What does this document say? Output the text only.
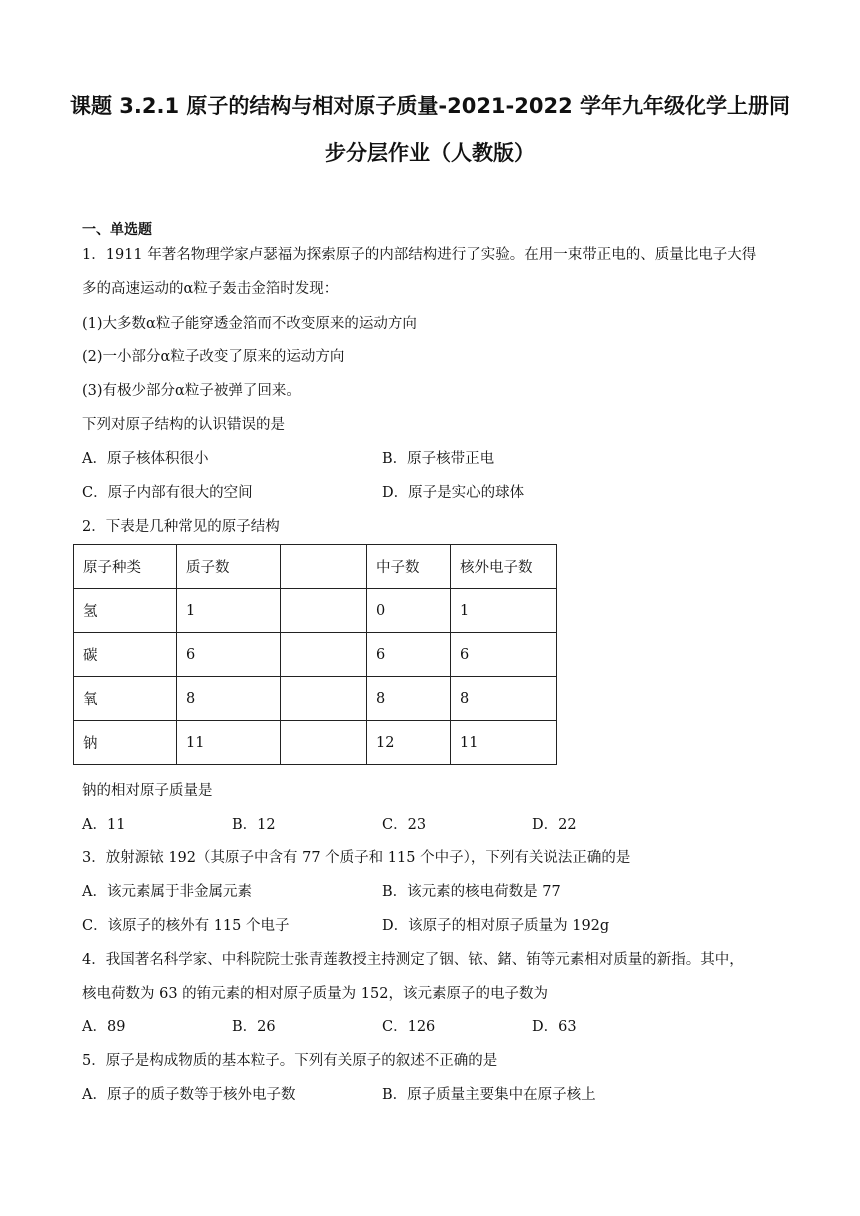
课题 3.2.1 原子的结构与相对原子质量-2021-2022 学年九年级化学上册同
步分层作业（人教版）
一、单选题
1．1911 年著名物理学家卢瑟福为探索原子的内部结构进行了实验。在用一束带正电的、质量比电子大得
多的高速运动的α粒子轰击金箔时发现：
(1)大多数α粒子能穿透金箔而不改变原来的运动方向
(2)一小部分α粒子改变了原来的运动方向
(3)有极少部分α粒子被弹了回来。
下列对原子结构的认识错误的是
A．原子核体积很小	B．原子核带正电
C．原子内部有很大的空间	D．原子是实心的球体
2．下表是几种常见的原子结构
原子种类	质子数		中子数	核外电子数
氢	1		0	1
碳	6		6	6
氧	8		8	8
钠	11		12	11
钠的相对原子质量是
A．11	B．12	C．23	D．22
3．放射源铱 192（其原子中含有 77 个质子和 115 个中子），下列有关说法正确的是
A．该元素属于非金属元素	B．该元素的核电荷数是 77
C．该原子的核外有 115 个电子	D．该原子的相对原子质量为 192g
4．我国著名科学家、中科院院士张青莲教授主持测定了铟、铱、鍺、铕等元素相对质量的新指。其中，
核电荷数为 63 的铕元素的相对原子质量为 152，该元素原子的电子数为
A．89	B．26	C．126	D．63
5．原子是构成物质的基本粒子。下列有关原子的叙述不正确的是
A．原子的质子数等于核外电子数	B．原子质量主要集中在原子核上
